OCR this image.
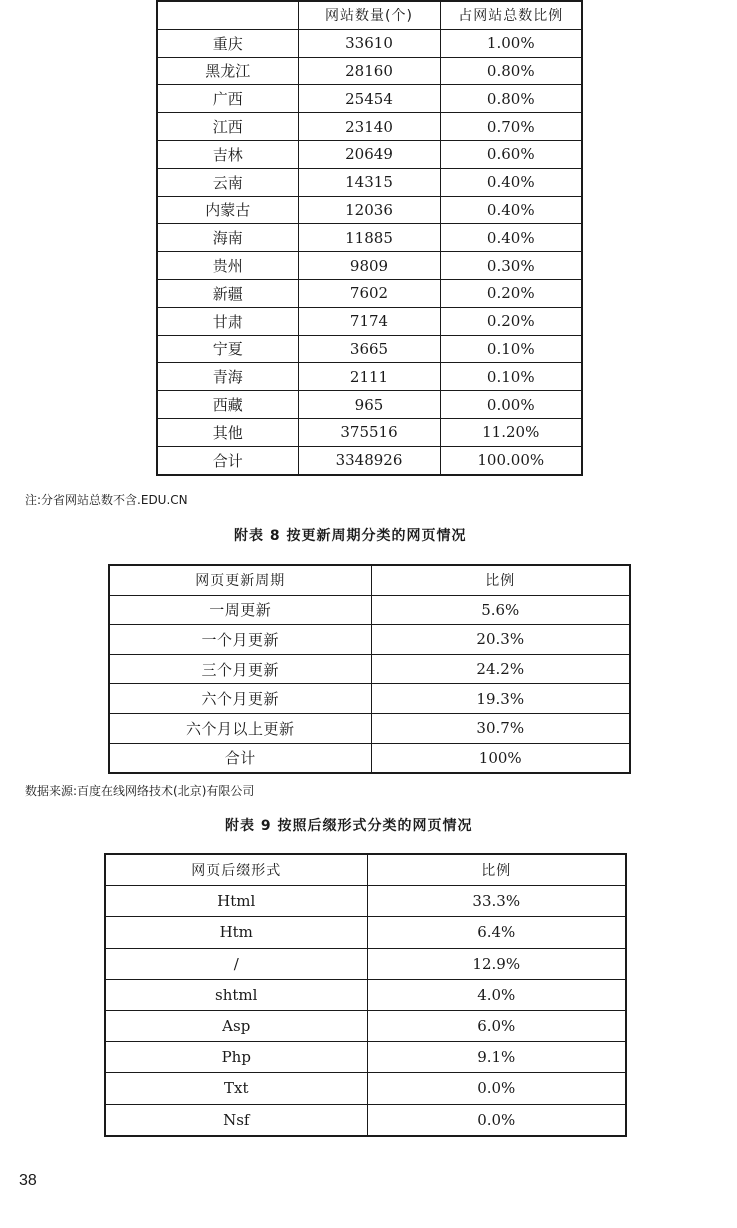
	网站数量(个)	占网站总数比例
重庆	33610	1.00%
黑龙江	28160	0.80%
广西	25454	0.80%
江西	23140	0.70%
吉林	20649	0.60%
云南	14315	0.40%
内蒙古	12036	0.40%
海南	11885	0.40%
贵州	9809	0.30%
新疆	7602	0.20%
甘肃	7174	0.20%
宁夏	3665	0.10%
青海	2111	0.10%
西藏	965	0.00%
其他	375516	11.20%
合计	3348926	100.00%
注:分省网站总数不含.EDU.CN
附表 8 按更新周期分类的网页情况
网页更新周期	比例
一周更新	5.6%
一个月更新	20.3%
三个月更新	24.2%
六个月更新	19.3%
六个月以上更新	30.7%
合计	100%
数据来源:百度在线网络技术(北京)有限公司
附表 9 按照后缀形式分类的网页情况
网页后缀形式	比例
Html	33.3%
Htm	6.4%
/	12.9%
shtml	4.0%
Asp	6.0%
Php	9.1%
Txt	0.0%
Nsf	0.0%
38
